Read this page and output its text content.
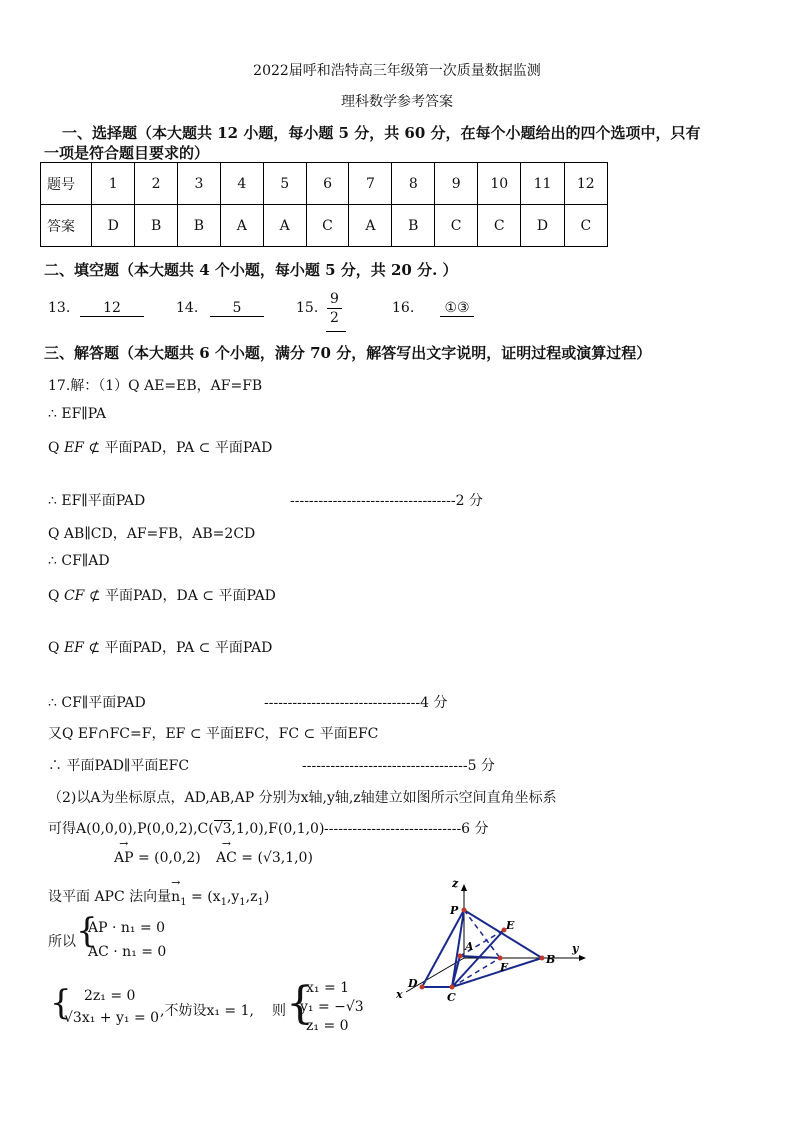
2022届呼和浩特高三年级第一次质量数据监测
理科数学参考答案
一、选择题（本大题共 12 小题，每小题 5 分，共 60 分，在每个小题给出的四个选项中，只有
一项是符合题目要求的）
题号	1	2	3	4	5	6	7	8	9	10	11	12
答案	D	B	B	A	A	C	A	B	C	C	D	C
二、填空题（本大题共 4 个小题，每小题 5 分，共 20 分. ）
13.	12	14.	5	15. $\frac{9}{2}$	16.	①③
三、解答题（本大题共 6 个小题，满分 70 分，解答写出文字说明，证明过程或演算过程）
17.解：（1）Q AE=EB，AF=FB
∴ EF∥PA
Q EF ⊄ 平面PAD，PA ⊂ 平面PAD
∴ EF∥平面PAD	-----------------------------------2 分
Q AB∥CD，AF=FB，AB=2CD
∴ CF∥AD
Q CF ⊄ 平面PAD，DA ⊂ 平面PAD
Q EF ⊄ 平面PAD，PA ⊂ 平面PAD
∴ CF∥平面PAD	---------------------------------4 分
又Q EF∩FC=F，EF ⊂ 平面EFC，FC ⊂ 平面EFC
∴ 平面PAD∥平面EFC	-----------------------------------5 分
（2)以A为坐标原点，AD,AB,AP 分别为x轴,y轴,z轴建立如图所示空间直角坐标系
可得A(0,0,0),P(0,0,2),C(√3,1,0),F(0,1,0) -----------------------------6 分
→ AP = (0,0,2) → AC = (√3,1,0)
设平面 APC 法向量→ $n_1 = (x_1,y_1,z_1)$
所以 {
AP · n₁ = 0
AC · n₁ = 0
{ 2z₁ = 0
√3x₁ + y₁ = 0 ,不妨设x₁ = 1, 则 {
x₁ = 1
y₁ = −√3
z₁ = 0
z
P
E
A	y
F
B
D
x	C
